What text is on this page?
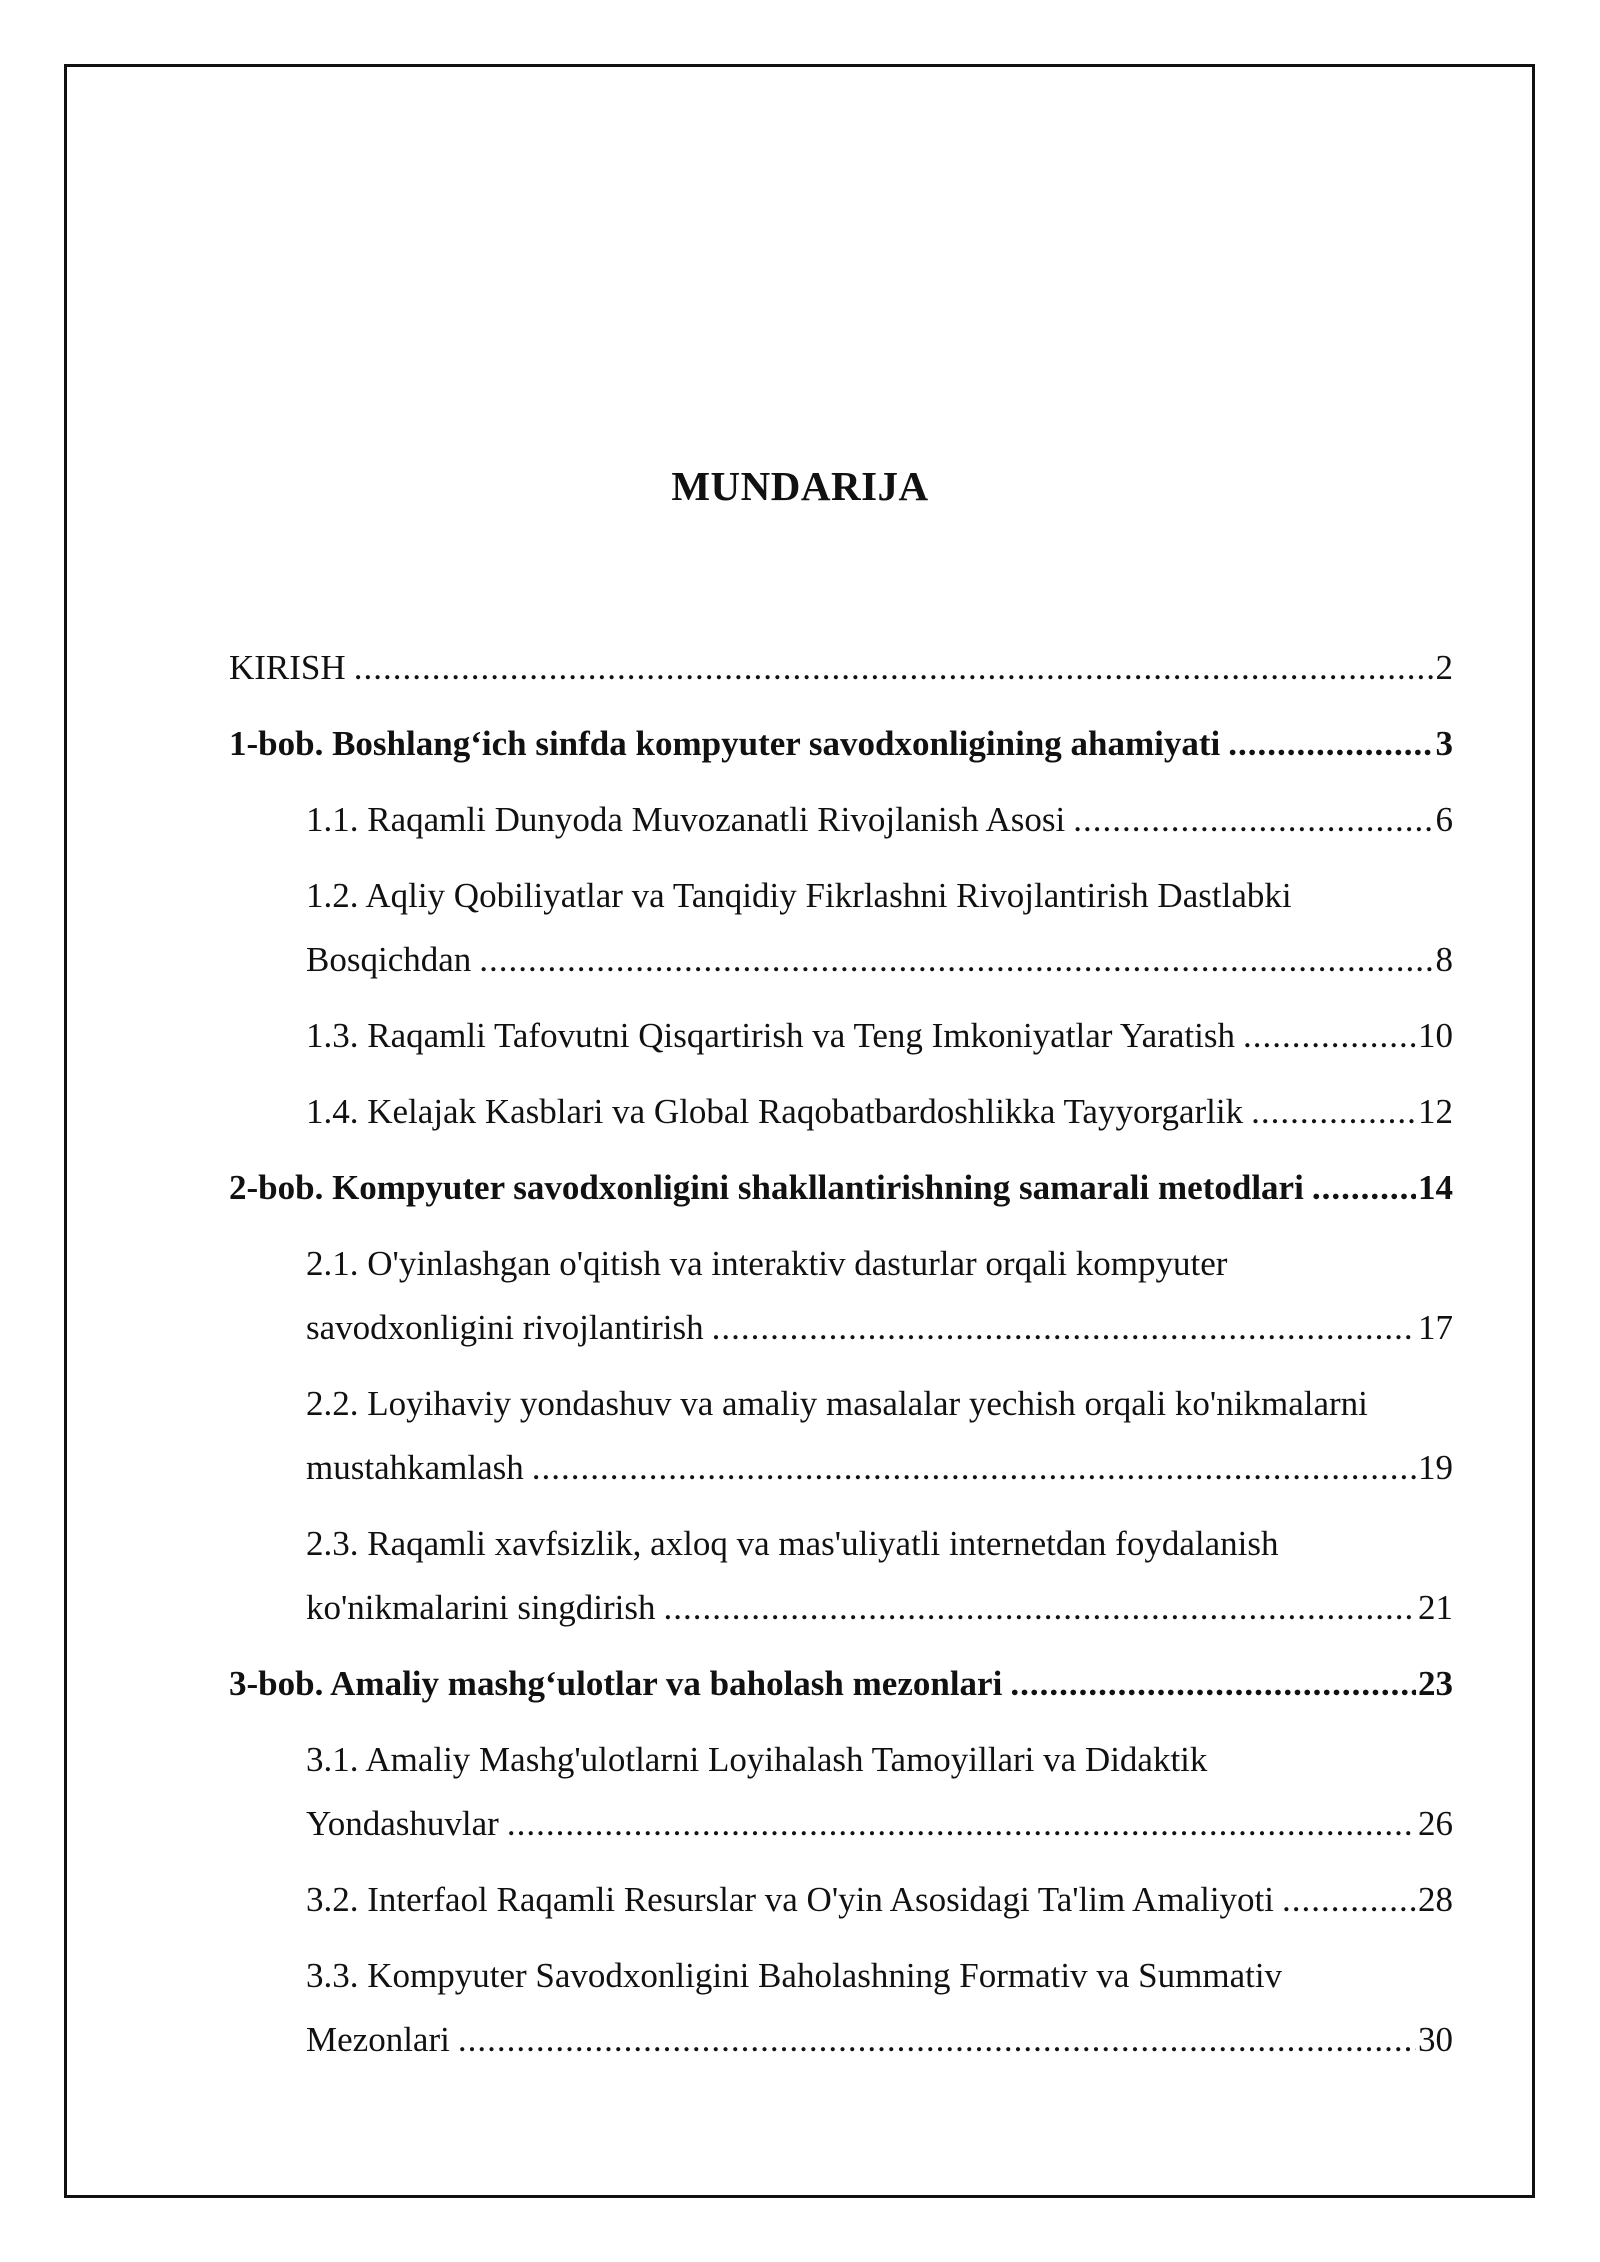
MUNDARIJA
KIRISH .....	2
1-bob. Boshlang‘ich sinfda kompyuter savodxonligining ahamiyati .....	3
1.1. Raqamli Dunyoda Muvozanatli Rivojlanish Asosi .....	6
1.2. Aqliy Qobiliyatlar va Tanqidiy Fikrlashni Rivojlantirish Dastlabki
Bosqichdan .....	8
1.3. Raqamli Tafovutni Qisqartirish va Teng Imkoniyatlar Yaratish .....	10
1.4. Kelajak Kasblari va Global Raqobatbardoshlikka Tayyorgarlik .....	12
2-bob. Kompyuter savodxonligini shakllantirishning samarali metodlari .....	14
2.1. O'yinlashgan o'qitish va interaktiv dasturlar orqali kompyuter
savodxonligini rivojlantirish .....	17
2.2. Loyihaviy yondashuv va amaliy masalalar yechish orqali ko'nikmalarni
mustahkamlash .....	19
2.3. Raqamli xavfsizlik, axloq va mas'uliyatli internetdan foydalanish
ko'nikmalarini singdirish .....	21
3-bob. Amaliy mashg‘ulotlar va baholash mezonlari .....	23
3.1. Amaliy Mashg'ulotlarni Loyihalash Tamoyillari va Didaktik
Yondashuvlar .....	26
3.2. Interfaol Raqamli Resurslar va O'yin Asosidagi Ta'lim Amaliyoti .....	28
3.3. Kompyuter Savodxonligini Baholashning Formativ va Summativ
Mezonlari .....	30
